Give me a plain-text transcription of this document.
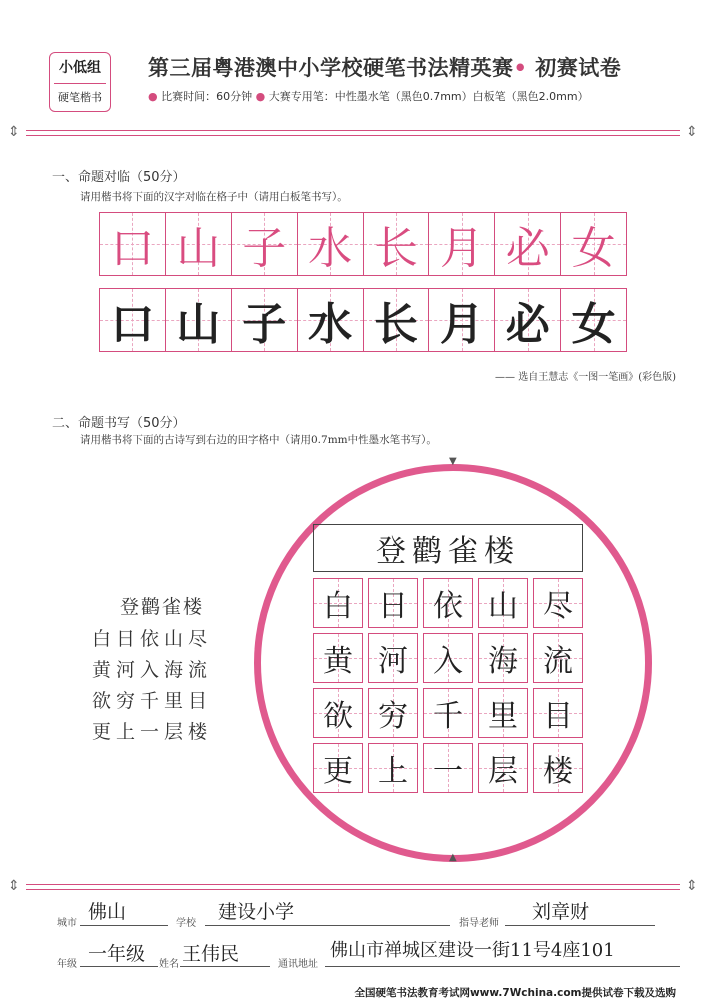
小低组
硬笔楷书
第三届粤港澳中小学校硬笔书法精英赛• 初赛试卷
● 比赛时间：60分钟 ● 大赛专用笔：中性墨水笔（黑色0.7mm）白板笔（黑色2.0mm）
⇕	⇕
一、命题对临（50分）
请用楷书将下面的汉字对临在格子中（请用白板笔书写）。
口 山 子 水 长 月 必 女
口 山 子 水 长 月 必 女
—— 选自王慧志《一图一笔画》(彩色版)
二、命题书写（50分）
请用楷书将下面的古诗写到右边的田字格中（请用0.7mm中性墨水笔书写）。
▼
▲
登鹳雀楼
白 日 依 山 尽
黄 河 入 海 流
欲 穷 千 里 目
更 上 一 层 楼
登鹳雀楼
白日依山尽
黄河入海流
欲穷千里目
更上一层楼
⇕	⇕
城市
佛山
学校
建设小学
指导老师
刘章财
年级 一年级 姓名 王伟民	通讯地址
佛山市禅城区建设一街11号4座101
全国硬笔书法教育考试网www.7Wchina.com提供试卷下载及选购
